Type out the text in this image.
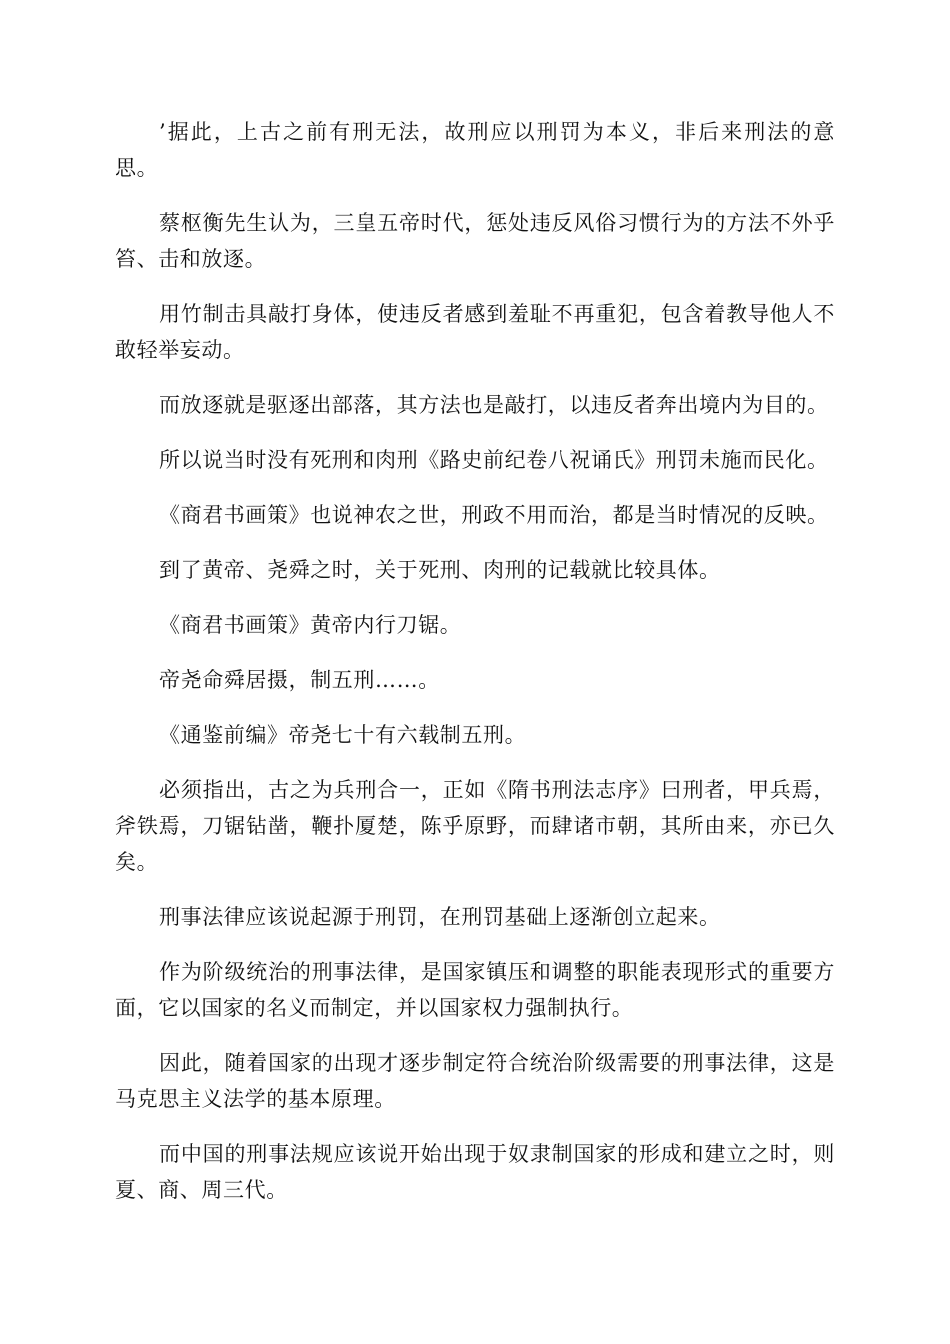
’据此，上古之前有刑无法，故刑应以刑罚为本义，非后来刑法的意思。

蔡枢衡先生认为，三皇五帝时代，惩处违反风俗习惯行为的方法不外乎笞、击和放逐。

用竹制击具敲打身体，使违反者感到羞耻不再重犯，包含着教导他人不敢轻举妄动。

而放逐就是驱逐出部落，其方法也是敲打，以违反者奔出境内为目的。

所以说当时没有死刑和肉刑《路史前纪卷八祝诵氏》刑罚未施而民化。

《商君书画策》也说神农之世，刑政不用而治，都是当时情况的反映。

到了黄帝、尧舜之时，关于死刑、肉刑的记载就比较具体。

《商君书画策》黄帝内行刀锯。

帝尧命舜居摄，制五刑……。

《通鉴前编》帝尧七十有六载制五刑。

必须指出，古之为兵刑合一，正如《隋书刑法志序》曰刑者，甲兵焉，斧铁焉，刀锯钻凿，鞭扑厦楚，陈乎原野，而肆诸市朝，其所由来，亦已久矣。

刑事法律应该说起源于刑罚，在刑罚基础上逐渐创立起来。

作为阶级统治的刑事法律，是国家镇压和调整的职能表现形式的重要方面，它以国家的名义而制定，并以国家权力强制执行。

因此，随着国家的出现才逐步制定符合统治阶级需要的刑事法律，这是马克思主义法学的基本原理。

而中国的刑事法规应该说开始出现于奴隶制国家的形成和建立之时，则夏、商、周三代。
